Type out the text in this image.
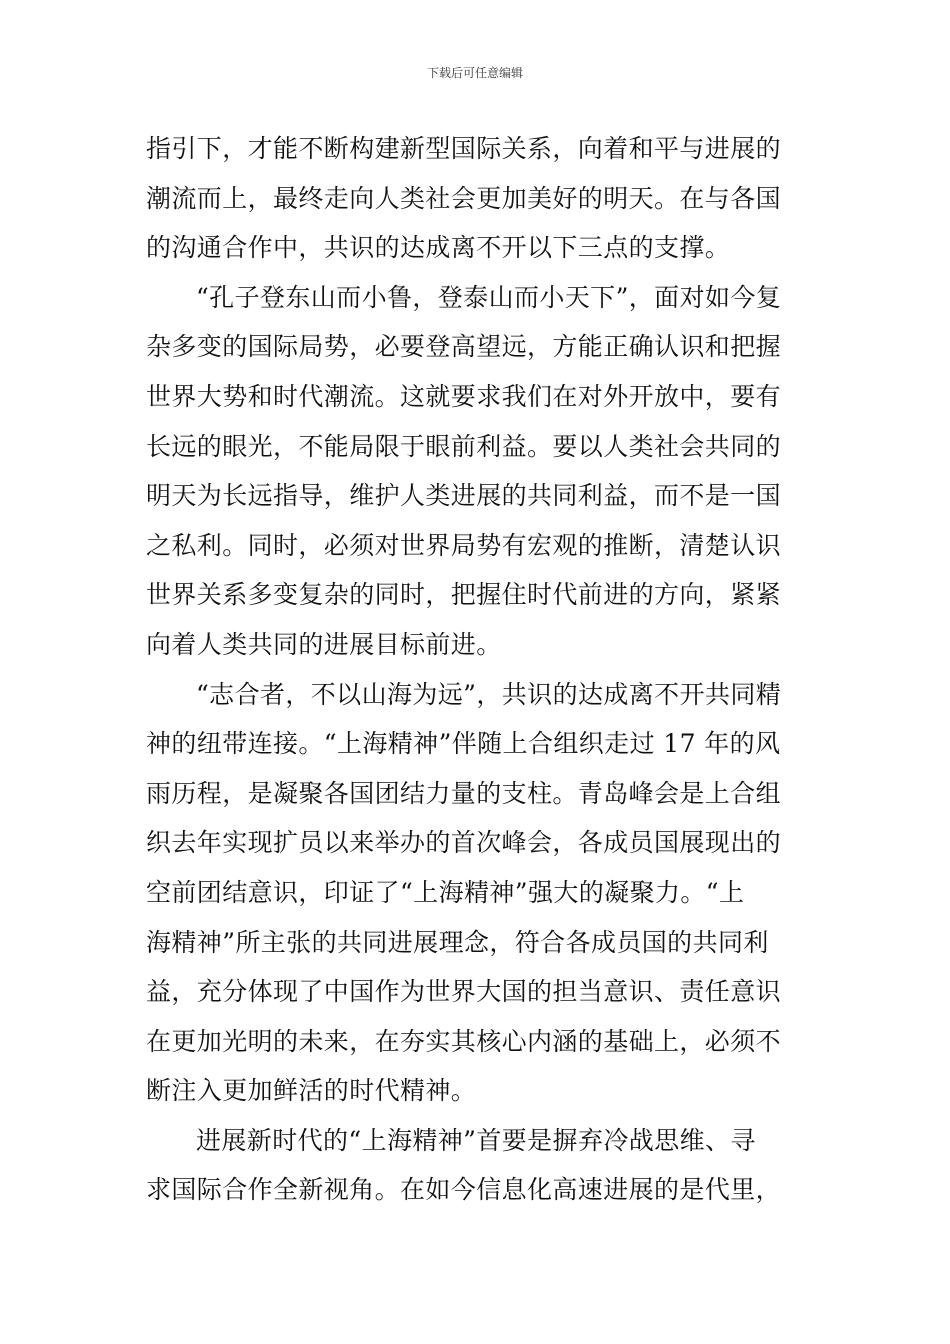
下载后可任意编辑
指引下，才能不断构建新型国际关系，向着和平与进展的
潮流而上，最终走向人类社会更加美好的明天。在与各国
的沟通合作中，共识的达成离不开以下三点的支撑。
“孔子登东山而小鲁，登泰山而小天下”，面对如今复
杂多变的国际局势，必要登高望远，方能正确认识和把握
世界大势和时代潮流。这就要求我们在对外开放中，要有
长远的眼光，不能局限于眼前利益。要以人类社会共同的
明天为长远指导，维护人类进展的共同利益，而不是一国
之私利。同时，必须对世界局势有宏观的推断，清楚认识
世界关系多变复杂的同时，把握住时代前进的方向，紧紧
向着人类共同的进展目标前进。
“志合者，不以山海为远”，共识的达成离不开共同精
神的纽带连接。“上海精神”伴随上合组织走过 17 年的风
雨历程，是凝聚各国团结力量的支柱。青岛峰会是上合组
织去年实现扩员以来举办的首次峰会，各成员国展现出的
空前团结意识，印证了“上海精神”强大的凝聚力。“上
海精神”所主张的共同进展理念，符合各成员国的共同利
益，充分体现了中国作为世界大国的担当意识、责任意识
在更加光明的未来，在夯实其核心内涵的基础上，必须不
断注入更加鲜活的时代精神。
进展新时代的“上海精神”首要是摒弃冷战思维、寻
求国际合作全新视角。在如今信息化高速进展的是代里，
